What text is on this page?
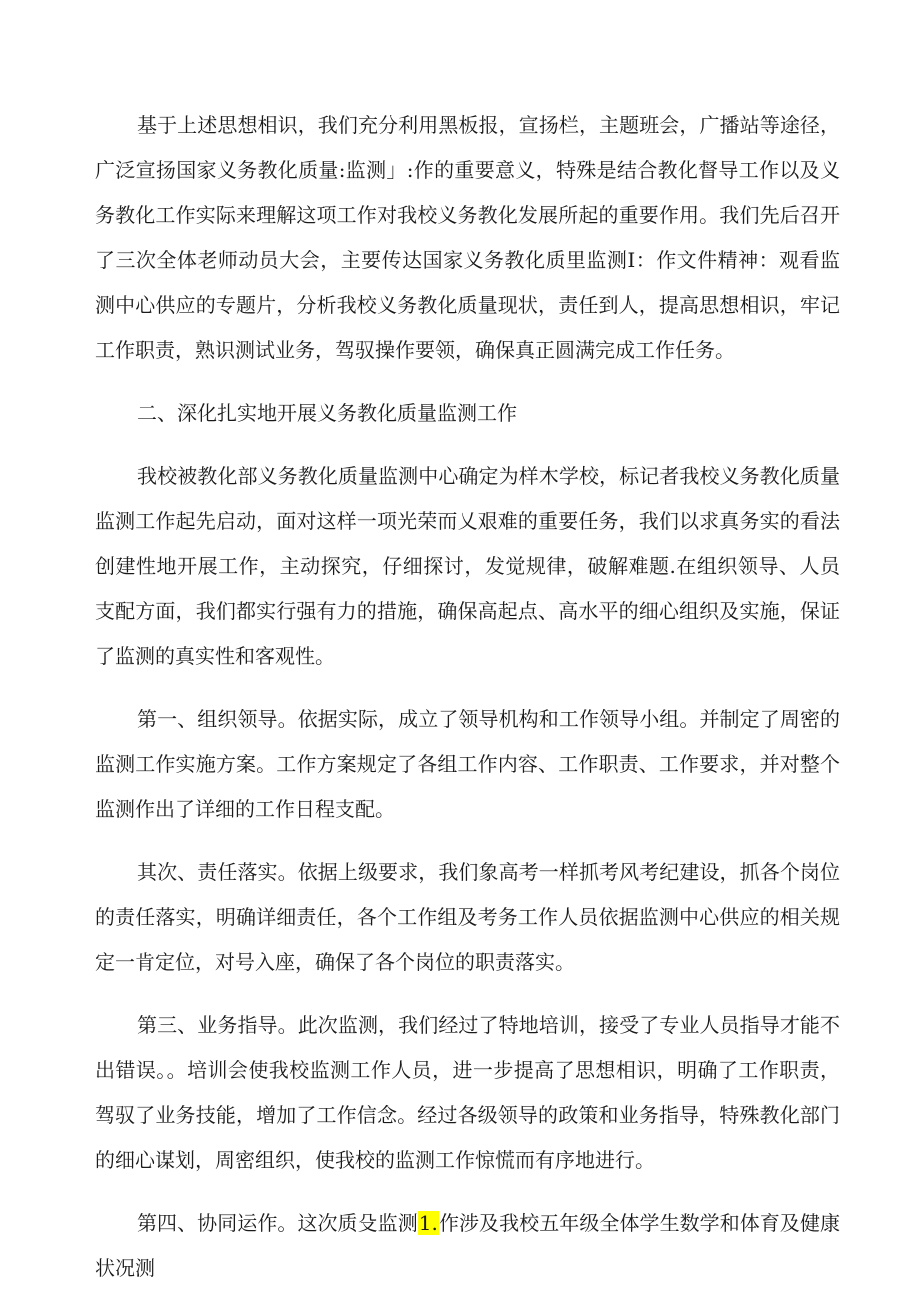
基于上述思想相识，我们充分利用黑板报，宣扬栏，主题班会，广播站等途径，广泛宣扬国家义务教化质量:监测」:作的重要意义，特殊是结合教化督导工作以及义务教化工作实际来理解这项工作对我校义务教化发展所起的重要作用。我们先后召开了三次全体老师动员大会，主要传达国家义务教化质里监测I：作文件精神：观看监测中心供应的专题片，分析我校义务教化质量现状，责任到人，提高思想相识，牢记工作职责，熟识测试业务，驾驭操作要领，确保真正圆满完成工作任务。

二、深化扎实地开展义务教化质量监测工作

我校被教化部义务教化质量监测中心确定为样木学校，标记者我校义务教化质量监测工作起先启动，面对这样一项光荣而乂艰难的重要任务，我们以求真务实的看法创建性地开展工作，主动探究，仔细探讨，发觉规律，破解难题.在组织领导、人员支配方面，我们都实行强有力的措施，确保高起点、高水平的细心组织及实施，保证了监测的真实性和客观性。

第一、组织领导。依据实际，成立了领导机构和工作领导小组。并制定了周密的监测工作实施方案。工作方案规定了各组工作内容、工作职责、工作要求，并对整个监测作出了详细的工作日程支配。

其次、责任落实。依据上级要求，我们象高考一样抓考风考纪建设，抓各个岗位的责任落实，明确详细责任，各个工作组及考务工作人员依据监测中心供应的相关规定一肯定位，对号入座，确保了各个岗位的职责落实。

第三、业务指导。此次监测，我们经过了特地培训，接受了专业人员指导才能不出错误。。培训会使我校监测工作人员，进一步提高了思想相识，明确了工作职责，驾驭了业务技能，增加了工作信念。经过各级领导的政策和业务指导，特殊教化部门的细心谋划，周密组织，使我校的监测工作惊慌而有序地进行。

第四、协同运作。这次质殳监测1.作涉及我校五年级全体学生数学和体育及健康状况测
